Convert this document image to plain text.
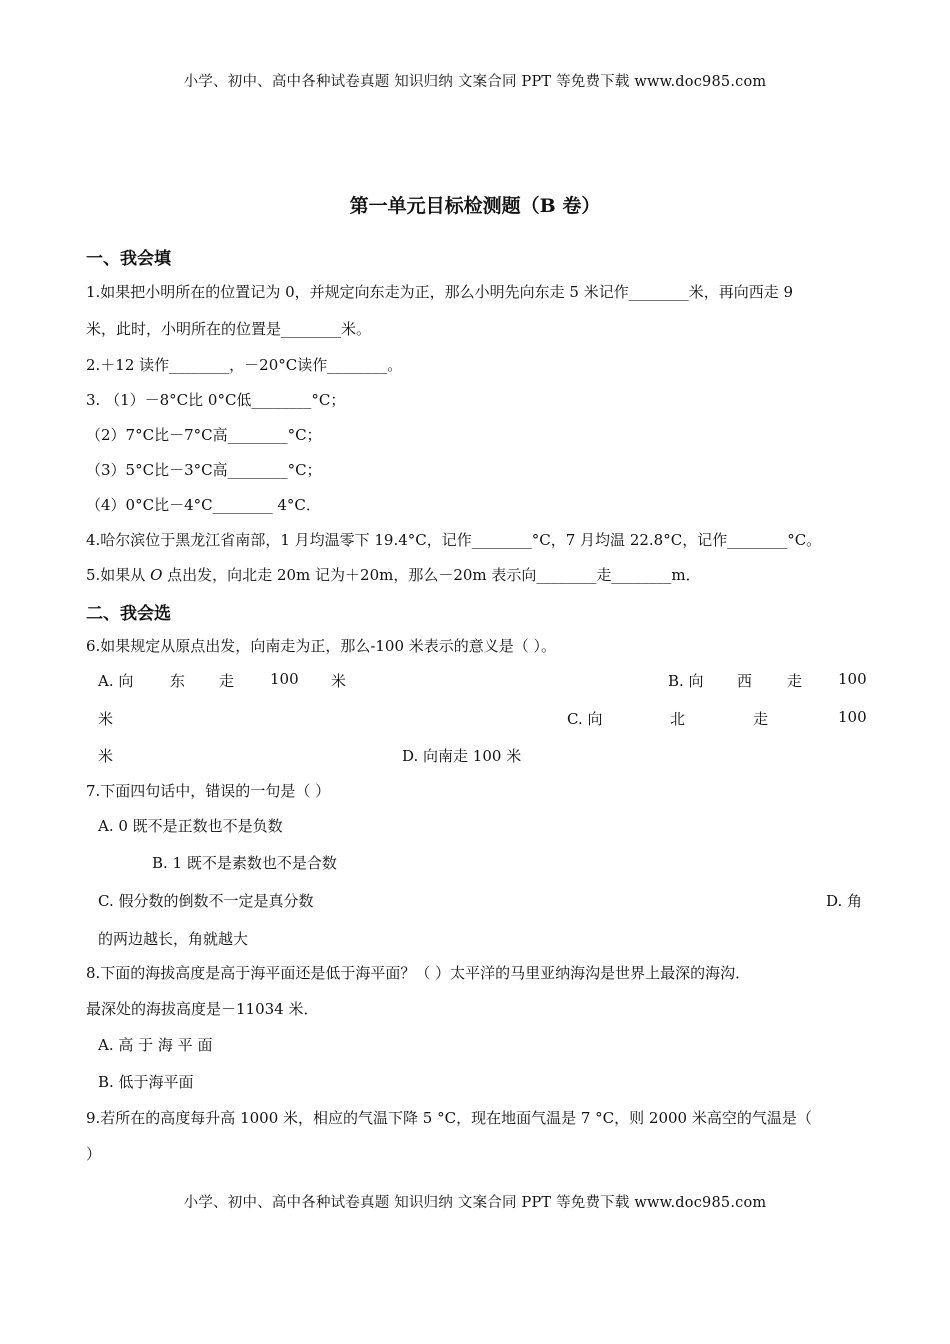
小学、初中、高中各种试卷真题 知识归纳 文案合同 PPT 等免费下载 www.doc985.com
第一单元目标检测题（B 卷）
一、我会填
1.如果把小明所在的位置记为 0，并规定向东走为正，那么小明先向东走 5 米记作________米，再向西走 9
米，此时，小明所在的位置是________米。
2.＋12 读作________，－20°C读作________。
3. （1）－8°C比 0°C低________°C；
（2）7°C比－7°C高________°C；
（3）5°C比－3°C高________°C；
（4）0°C比－4°C________ 4°C．
4.哈尔滨位于黑龙江省南部，1 月均温零下 19.4°C，记作________°C，7 月均温 22.8°C，记作________°C。
5.如果从 O 点出发，向北走 20m 记为＋20m，那么－20m 表示向________走________m．
二、我会选
6.如果规定从原点出发，向南走为正，那么-100 米表示的意义是（ ）。
A. 向 东 走 100 米	B. 向 西 走 100
米	C. 向	北	走	100
米	D. 向南走 100 米
7.下面四句话中，错误的一句是（ ）
A. 0 既不是正数也不是负数
B. 1 既不是素数也不是合数
C. 假分数的倒数不一定是真分数	D. 角
的两边越长，角就越大
8.下面的海拔高度是高于海平面还是低于海平面？（ ）太平洋的马里亚纳海沟是世界上最深的海沟．
最深处的海拔高度是－11034 米．
A. 高 于 海 平 面
B. 低于海平面
9.若所在的高度每升高 1000 米，相应的气温下降 5 °C，现在地面气温是 7 °C，则 2000 米高空的气温是（
）
小学、初中、高中各种试卷真题 知识归纳 文案合同 PPT 等免费下载 www.doc985.com
